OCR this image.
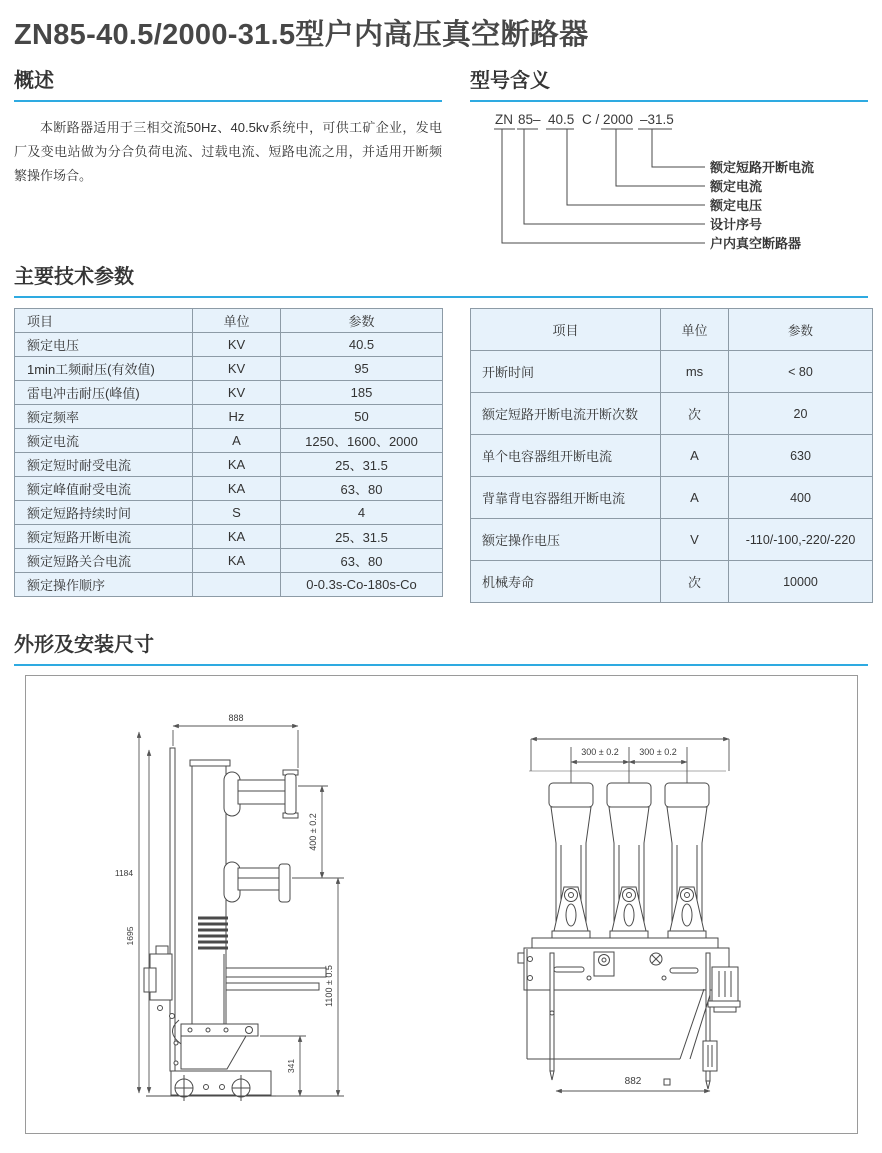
ZN85-40.5/2000-31.5型户内高压真空断路器
概述

本断路器适用于三相交流50Hz、40.5kv系统中，可供工矿企业，发电厂及变电站做为分合负荷电流、过载电流、短路电流之用，并适用开断频繁操作场合。

型号含义
ZN 85– 40.5 C / 2000 –31.5
额定短路开断电流
额定电流
额定电压
设计序号
户内真空断路器
主要技术参数
项目	单位	参数
额定电压	KV	40.5
1min工频耐压(有效值)	KV	95
雷电冲击耐压(峰值)	KV	185
额定频率	Hz	50
额定电流	A	1250、1600、2000
额定短时耐受电流	KA	25、31.5
额定峰值耐受电流	KA	63、80
额定短路持续时间	S	4
额定短路开断电流	KA	25、31.5
额定短路关合电流	KA	63、80
额定操作顺序		0-0.3s-Co-180s-Co
项目	单位	参数
开断时间	ms	< 80
额定短路开断电流开断次数	次	20
单个电容器组开断电流	A	630
背靠背电容器组开断电流	A	400
额定操作电压	V	-110/-100,-220/-220
机械寿命	次	10000
外形及安装尺寸
888
1184
1695
400 ± 0.2
1100 ± 0.5
341
300 ± 0.2 300 ± 0.2
882
